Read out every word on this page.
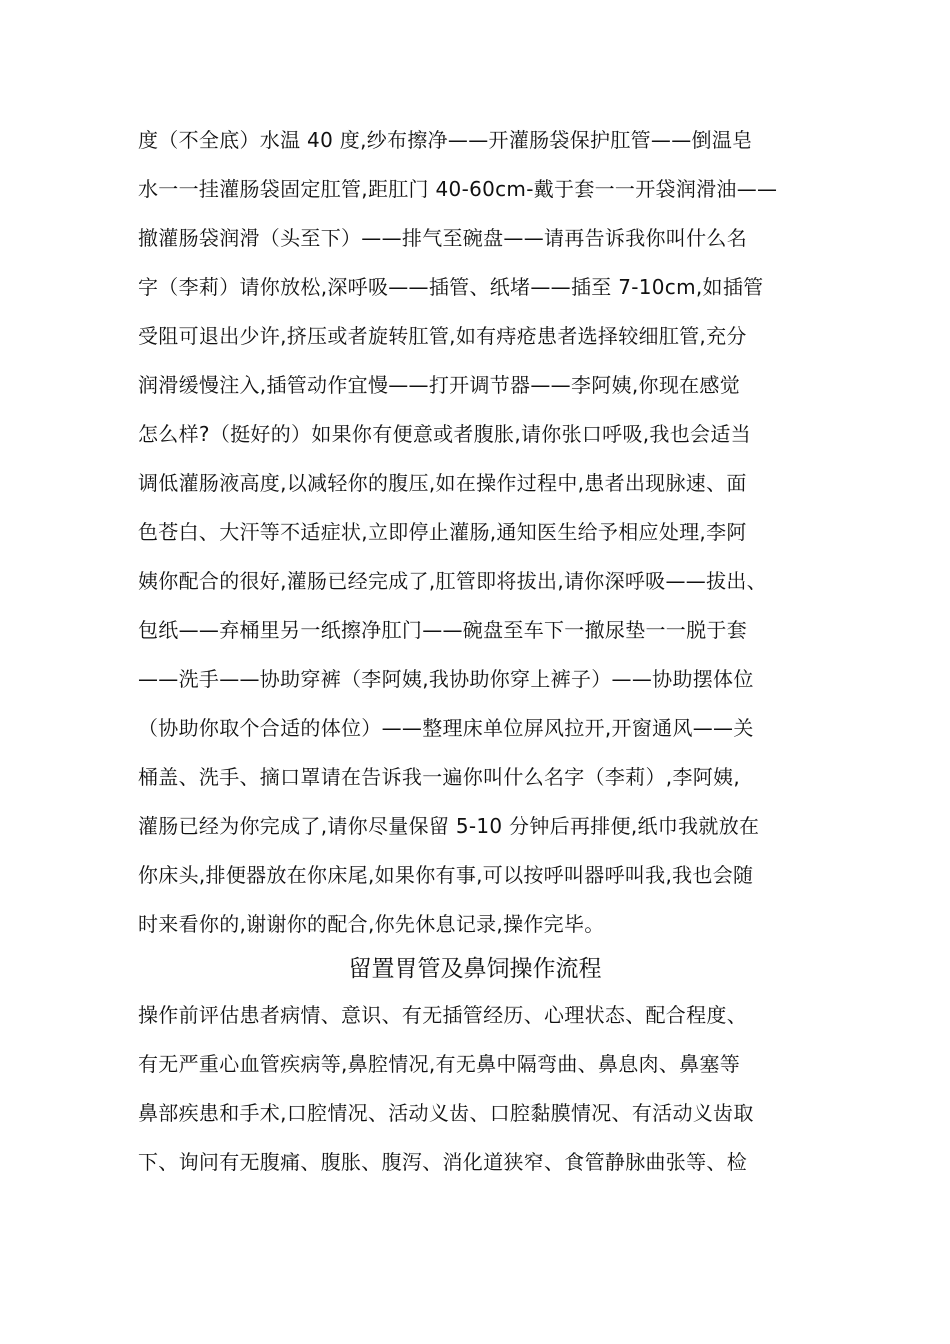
度（不全底）水温 40 度,纱布擦净——开灌肠袋保护肛管——倒温皂
水一一挂灌肠袋固定肛管,距肛门 40-60cm-戴于套一一开袋润滑油——
撤灌肠袋润滑（头至下）——排气至碗盘——请再告诉我你叫什么名
字（李莉）请你放松,深呼吸——插管、纸堵——插至 7-10cm,如插管
受阻可退出少许,挤压或者旋转肛管,如有痔疮患者选择较细肛管,充分
润滑缓慢注入,插管动作宜慢——打开调节器——李阿姨,你现在感觉
怎么样?（挺好的）如果你有便意或者腹胀,请你张口呼吸,我也会适当
调低灌肠液高度,以减轻你的腹压,如在操作过程中,患者出现脉速、面
色苍白、大汗等不适症状,立即停止灌肠,通知医生给予相应处理,李阿
姨你配合的很好,灌肠已经完成了,肛管即将拔出,请你深呼吸——拔出、
包纸——弃桶里另一纸擦净肛门——碗盘至车下一撤尿垫一一脱于套
——洗手——协助穿裤（李阿姨,我协助你穿上裤子）——协助摆体位
（协助你取个合适的体位）——整理床单位屏风拉开,开窗通风——关
桶盖、洗手、摘口罩请在告诉我一遍你叫什么名字（李莉）,李阿姨,
灌肠已经为你完成了,请你尽量保留 5-10 分钟后再排便,纸巾我就放在
你床头,排便器放在你床尾,如果你有事,可以按呼叫器呼叫我,我也会随
时来看你的,谢谢你的配合,你先休息记录,操作完毕。
留置胃管及鼻饲操作流程
操作前评估患者病情、意识、有无插管经历、心理状态、配合程度、
有无严重心血管疾病等,鼻腔情况,有无鼻中隔弯曲、鼻息肉、鼻塞等
鼻部疾患和手术,口腔情况、活动义齿、口腔黏膜情况、有活动义齿取
下、询问有无腹痛、腹胀、腹泻、消化道狭窄、食管静脉曲张等、检
